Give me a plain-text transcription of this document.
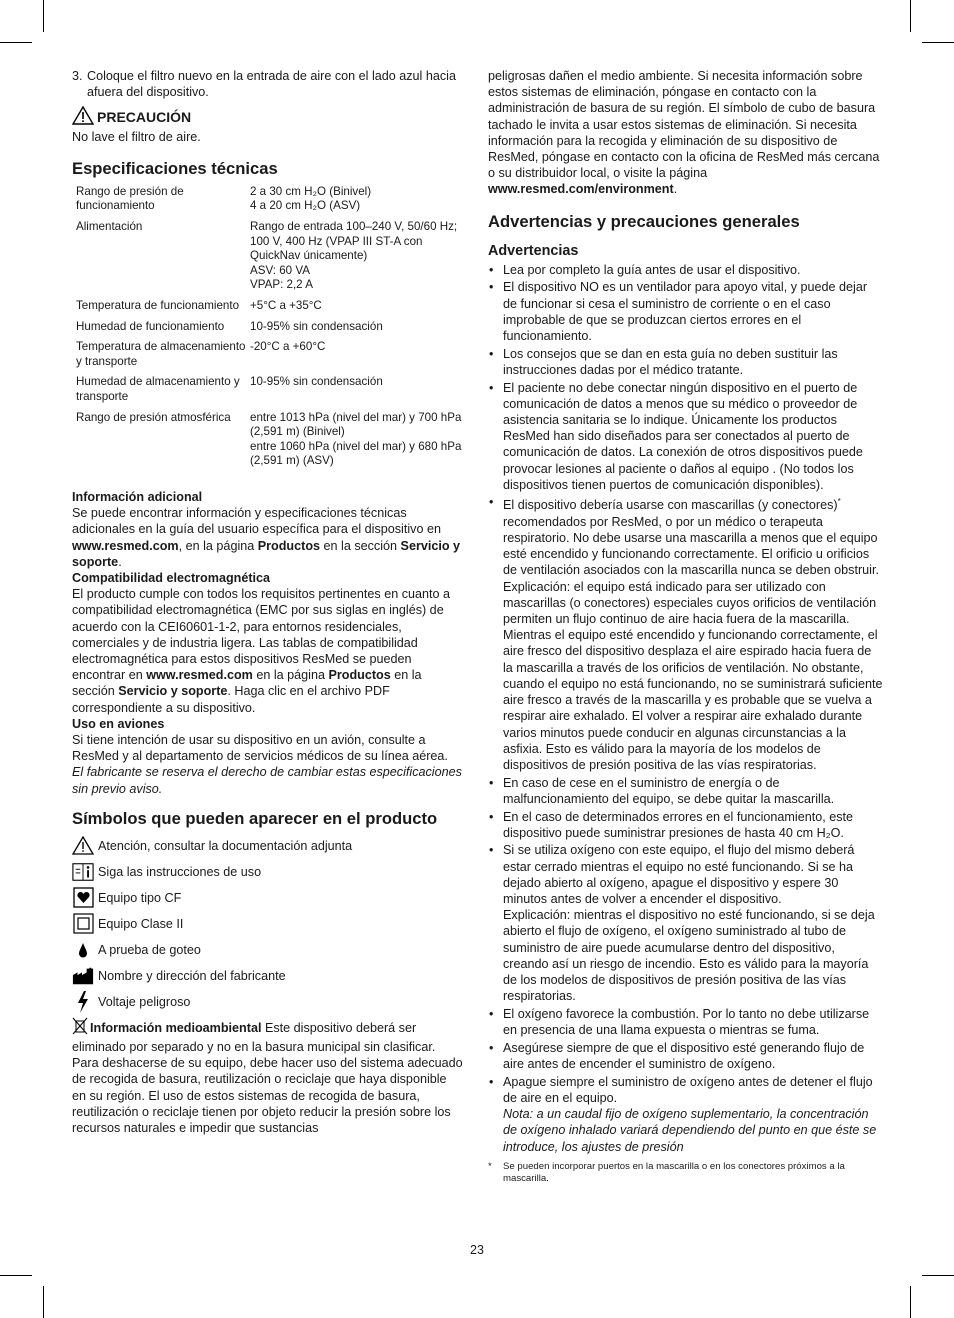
3. Coloque el filtro nuevo en la entrada de aire con el lado azul hacia afuera del dispositivo.
PRECAUCIÓN

No lave el filtro de aire.

Especificaciones técnicas
Rango de presión de funcionamiento	2 a 30 cm H₂O (Binivel)
4 a 20 cm H₂O (ASV)

Alimentación	Rango de entrada 100–240 V, 50/60 Hz;
100 V, 400 Hz (VPAP III ST-A con QuickNav únicamente)
ASV: 60 VA
VPAP: 2,2 A

Temperatura de funcionamiento	+5°C a +35°C

Humedad de funcionamiento	10-95% sin condensación

Temperatura de almacenamiento y transporte	-20°C a +60°C

Humedad de almacenamiento y transporte	10-95% sin condensación

Rango de presión atmosférica	entre 1013 hPa (nivel del mar) y 700 hPa (2,591 m) (Binivel)
entre 1060 hPa (nivel del mar) y 680 hPa (2,591 m) (ASV)

Información adicional

Se puede encontrar información y especificaciones técnicas adicionales en la guía del usuario específica para el dispositivo en www.resmed.com, en la página Productos en la sección Servicio y soporte.

Compatibilidad electromagnética

El producto cumple con todos los requisitos pertinentes en cuanto a compatibilidad electromagnética (EMC por sus siglas en inglés) de acuerdo con la CEI60601-1-2, para entornos residenciales, comerciales y de industria ligera. Las tablas de compatibilidad electromagnética para estos dispositivos ResMed se pueden encontrar en www.resmed.com en la página Productos en la sección Servicio y soporte. Haga clic en el archivo PDF correspondiente a su dispositivo.

Uso en aviones

Si tiene intención de usar su dispositivo en un avión, consulte a ResMed y al departamento de servicios médicos de su línea aérea.

El fabricante se reserva el derecho de cambiar estas especificaciones sin previo aviso.

Símbolos que pueden aparecer en el producto
Atención, consultar la documentación adjunta
Siga las instrucciones de uso
Equipo tipo CF
Equipo Clase II
A prueba de goteo
Nombre y dirección del fabricante
Voltaje peligroso

Información medioambiental Este dispositivo deberá ser eliminado por separado y no en la basura municipal sin clasificar. Para deshacerse de su equipo, debe hacer uso del sistema adecuado de recogida de basura, reutilización o reciclaje que haya disponible en su región. El uso de estos sistemas de recogida de basura, reutilización o reciclaje tienen por objeto reducir la presión sobre los recursos naturales e impedir que sustancias

peligrosas dañen el medio ambiente. Si necesita información sobre estos sistemas de eliminación, póngase en contacto con la administración de basura de su región. El símbolo de cubo de basura tachado le invita a usar estos sistemas de eliminación. Si necesita información para la recogida y eliminación de su dispositivo de ResMed, póngase en contacto con la oficina de ResMed más cercana o su distribuidor local, o visite la página www.resmed.com/environment.

Advertencias y precauciones generales
Advertencias
• Lea por completo la guía antes de usar el dispositivo.
• El dispositivo NO es un ventilador para apoyo vital, y puede dejar de funcionar si cesa el suministro de corriente o en el caso improbable de que se produzcan ciertos errores en el funcionamiento.
• Los consejos que se dan en esta guía no deben sustituir las instrucciones dadas por el médico tratante.
• El paciente no debe conectar ningún dispositivo en el puerto de comunicación de datos a menos que su médico o proveedor de asistencia sanitaria se lo indique. Únicamente los productos ResMed han sido diseñados para ser conectados al puerto de comunicación de datos. La conexión de otros dispositivos puede provocar lesiones al paciente o daños al equipo . (No todos los dispositivos tienen puertos de comunicación disponibles).
• El dispositivo debería usarse con mascarillas (y conectores)* recomendados por ResMed, o por un médico o terapeuta respiratorio. No debe usarse una mascarilla a menos que el equipo esté encendido y funcionando correctamente. El orificio u orificios de ventilación asociados con la mascarilla nunca se deben obstruir.
Explicación: el equipo está indicado para ser utilizado con mascarillas (o conectores) especiales cuyos orificios de ventilación permiten un flujo continuo de aire hacia fuera de la mascarilla. Mientras el equipo esté encendido y funcionando correctamente, el aire fresco del dispositivo desplaza el aire espirado hacia fuera de la mascarilla a través de los orificios de ventilación. No obstante, cuando el equipo no está funcionando, no se suministrará suficiente aire fresco a través de la mascarilla y es probable que se vuelva a respirar aire exhalado. El volver a respirar aire exhalado durante varios minutos puede conducir en algunas circunstancias a la asfixia. Esto es válido para la mayoría de los modelos de dispositivos de presión positiva de las vías respiratorias.
• En caso de cese en el suministro de energía o de malfuncionamiento del equipo, se debe quitar la mascarilla.
• En el caso de determinados errores en el funcionamiento, este dispositivo puede suministrar presiones de hasta 40 cm H₂O.
• Si se utiliza oxígeno con este equipo, el flujo del mismo deberá estar cerrado mientras el equipo no esté funcionando. Si se ha dejado abierto al oxígeno, apague el dispositivo y espere 30 minutos antes de volver a encender el dispositivo.
Explicación: mientras el dispositivo no esté funcionando, si se deja abierto el flujo de oxígeno, el oxígeno suministrado al tubo de suministro de aire puede acumularse dentro del dispositivo, creando así un riesgo de incendio. Esto es válido para la mayoría de los modelos de dispositivos de presión positiva de las vías respiratorias.
• El oxígeno favorece la combustión. Por lo tanto no debe utilizarse en presencia de una llama expuesta o mientras se fuma.
• Asegúrese siempre de que el dispositivo esté generando flujo de aire antes de encender el suministro de oxígeno.
• Apague siempre el suministro de oxígeno antes de detener el flujo de aire en el equipo.
Nota: a un caudal fijo de oxígeno suplementario, la concentración de oxígeno inhalado variará dependiendo del punto en que éste se introduce, los ajustes de presión
*	Se pueden incorporar puertos en la mascarilla o en los conectores próximos a la mascarilla.
23
